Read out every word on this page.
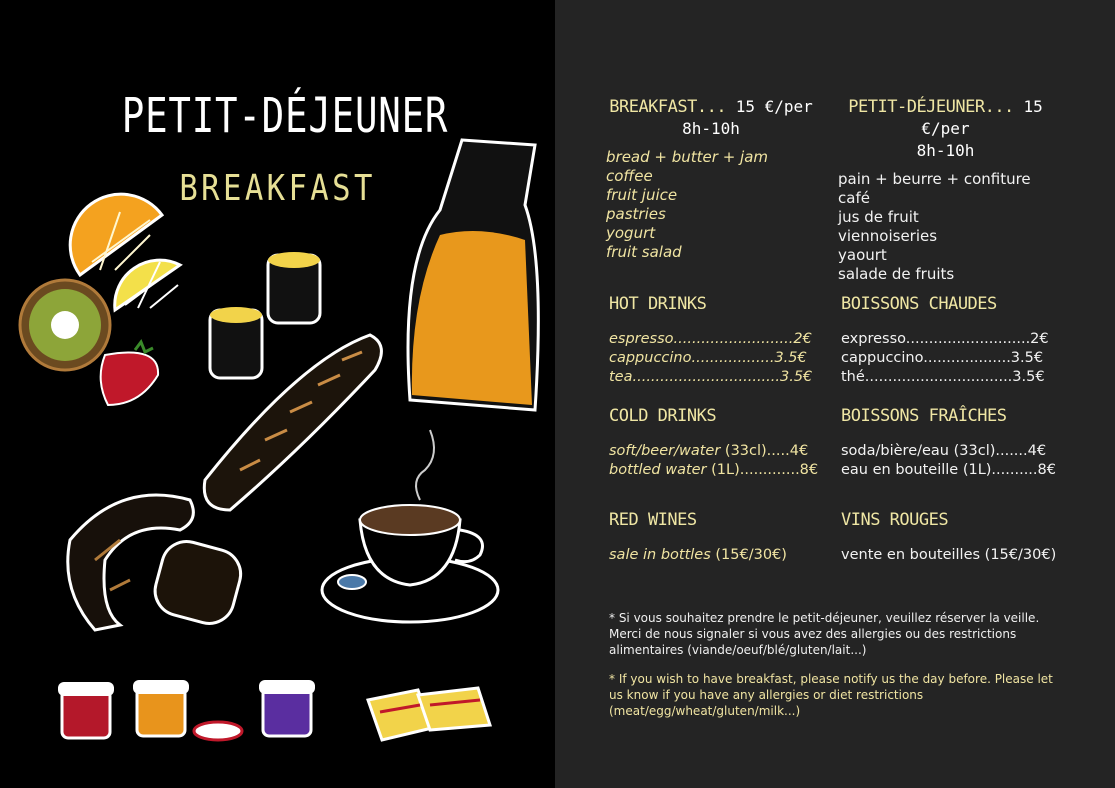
PETIT-DÉJEUNER
BREAKFAST
BREAKFAST... 15 €/per
8h-10h
bread + butter + jam
coffee
fruit juice
pastries
yogurt
fruit salad
PETIT-DÉJEUNER... 15 €/per
8h-10h
pain + beurre + confiture
café
jus de fruit
viennoiseries
yaourt
salade de fruits
HOT DRINKS
espresso..........................2€
cappuccino..................3.5€
tea................................3.5€
BOISSONS CHAUDES
expresso...........................2€
cappuccino...................3.5€
thé................................3.5€
COLD DRINKS
soft/beer/water (33cl).....4€
bottled water (1L).............8€
BOISSONS FRAÎCHES
soda/bière/eau (33cl).......4€
eau en bouteille (1L)..........8€
RED WINES
sale in bottles (15€/30€)
VINS ROUGES
vente en bouteilles (15€/30€)
* Si vous souhaitez prendre le petit-déjeuner, veuillez réserver la veille. Merci de nous signaler si vous avez des allergies ou des restrictions alimentaires (viande/oeuf/blé/gluten/lait...)
* If you wish to have breakfast, please notify us the day before. Please let us know if you have any allergies or diet restrictions (meat/egg/wheat/gluten/milk...)
